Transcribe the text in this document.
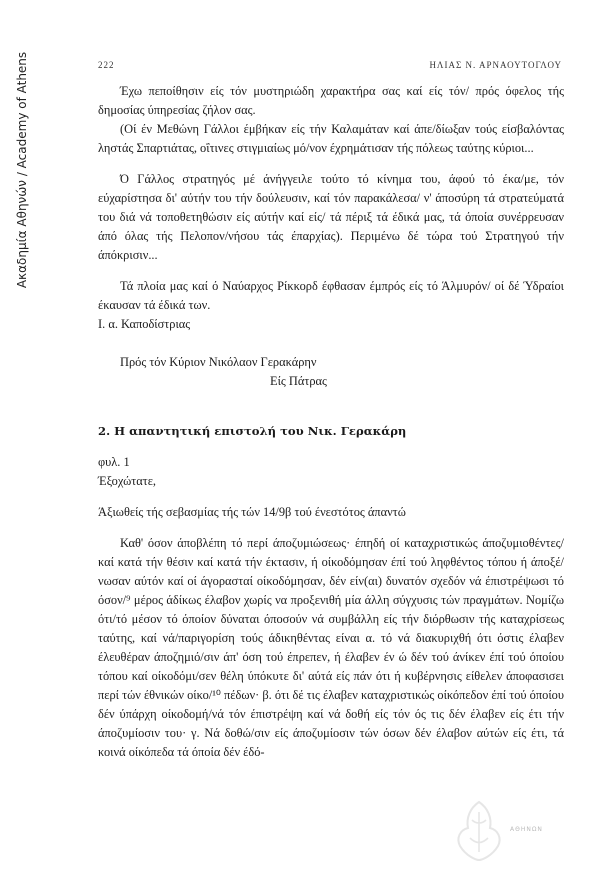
Ακαδημία Αθηνών / Academy of Athens	222	ΗΛΙΑΣ Ν. ΑΡΝΑΟΥΤΟΓΛΟΥ

Έχω πεποίθησιν είς τόν μυστηριώδη χαρακτήρα σας καί είς τόν/ πρός όφελος τής δημοσίας ύπηρεσίας ζήλον σας.

(Οί έν Μεθώνη Γάλλοι έμβήκαν είς τήν Καλαμάταν καί άπε/δίωξαν τούς είσβαλόντας ληστάς Σπαρτιάτας, οΐτινες στιγμιαίως μό/νον έχρημάτισαν τής πόλεως ταύτης κύριοι...

Ό Γάλλος στρατηγός μέ άνήγγειλε τούτο τό κίνημα του, άφού τό έκα/με, τόν εύχαρίστησα δι' αύτήν του τήν δούλευσιν, καί τόν παρακάλεσα/ ν' άποσύρη τά στρατεύματά του διά νά τοποθετηθώσιν είς αύτήν καί είς/ τά πέριξ τά έδικά μας, τά όποία συνέρρευσαν άπό όλας τής Πελοπον/νήσου τάς έπαρχίας). Περιμένω δέ τώρα τού Στρατηγού τήν άπόκρισιν...

Τά πλοία μας καί ό Ναύαρχος Ρίκκορδ έφθασαν έμπρός είς τό Άλμυρόν/ οί δέ Ύδραίοι έκαυσαν τά έδικά των.

Ι. α. Καποδίστριας

Πρός τόν Κύριον Νικόλαον Γερακάρην

Είς Πάτρας

2. Η απαντητική επιστολή του Νικ. Γερακάρη

φυλ. 1

Έξοχώτατε,

Άξιωθείς τής σεβασμίας τής τών 14/9β τού ένεστότος άπαντώ

Καθ' όσον άποβλέπη τό περί άποζυμιώσεως· έπηδή οί καταχριστικώς άποζυμιοθέντες/καί κατά τήν θέσιν καί κατά τήν έκτασιν, ή οίκοδόμησαν έπί τού ληφθέντος τόπου ή άποξέ/νωσαν αύτόν καί οί άγορασταί οίκοδόμησαν, δέν είν(αι) δυνατόν σχεδόν νά έπιστρέψωσι τό όσον/⁹ μέρος άδίκως έλαβον χωρίς να προξενιθή μία άλλη σύγχυσις τών πραγμάτων. Νομίζω ότι/τό μέσον τό όποίον δύναται όποσούν νά συμβάλλη είς τήν διόρθωσιν τής καταχρίσεως ταύτης, καί νά/παριγορίση τούς άδικηθέντας είναι α. τό νά διακυριχθή ότι όστις έλαβεν έλευθέραν άποζημιό/σιν άπ' όση τού έπρεπεν, ή έλαβεν έν ώ δέν τού άνίκεν έπί τού όποίου τόπου καί οίκοδόμι/σεν θέλη ύπόκυτε δι' αύτά είς πάν ότι ή κυβέρνησις είθελεν άποφασισει περί τών έθνικών οίκο/¹⁰ πέδων· β. ότι δέ τις έλαβεν καταχριστικώς οίκόπεδον έπί τού όποίου δέν ύπάρχη οίκοδομή/νά τόν έπιστρέψη καί νά δοθή είς τόν ός τις δέν έλαβεν είς έτι τήν άποζυμίοσιν του· γ. Νά δοθώ/σιν είς άποζυμίοσιν τών όσων δέν έλαβον αύτών είς έτι, τά κοινά οίκόπεδα τά όποία δέν έδό-

AΘHNΩN
